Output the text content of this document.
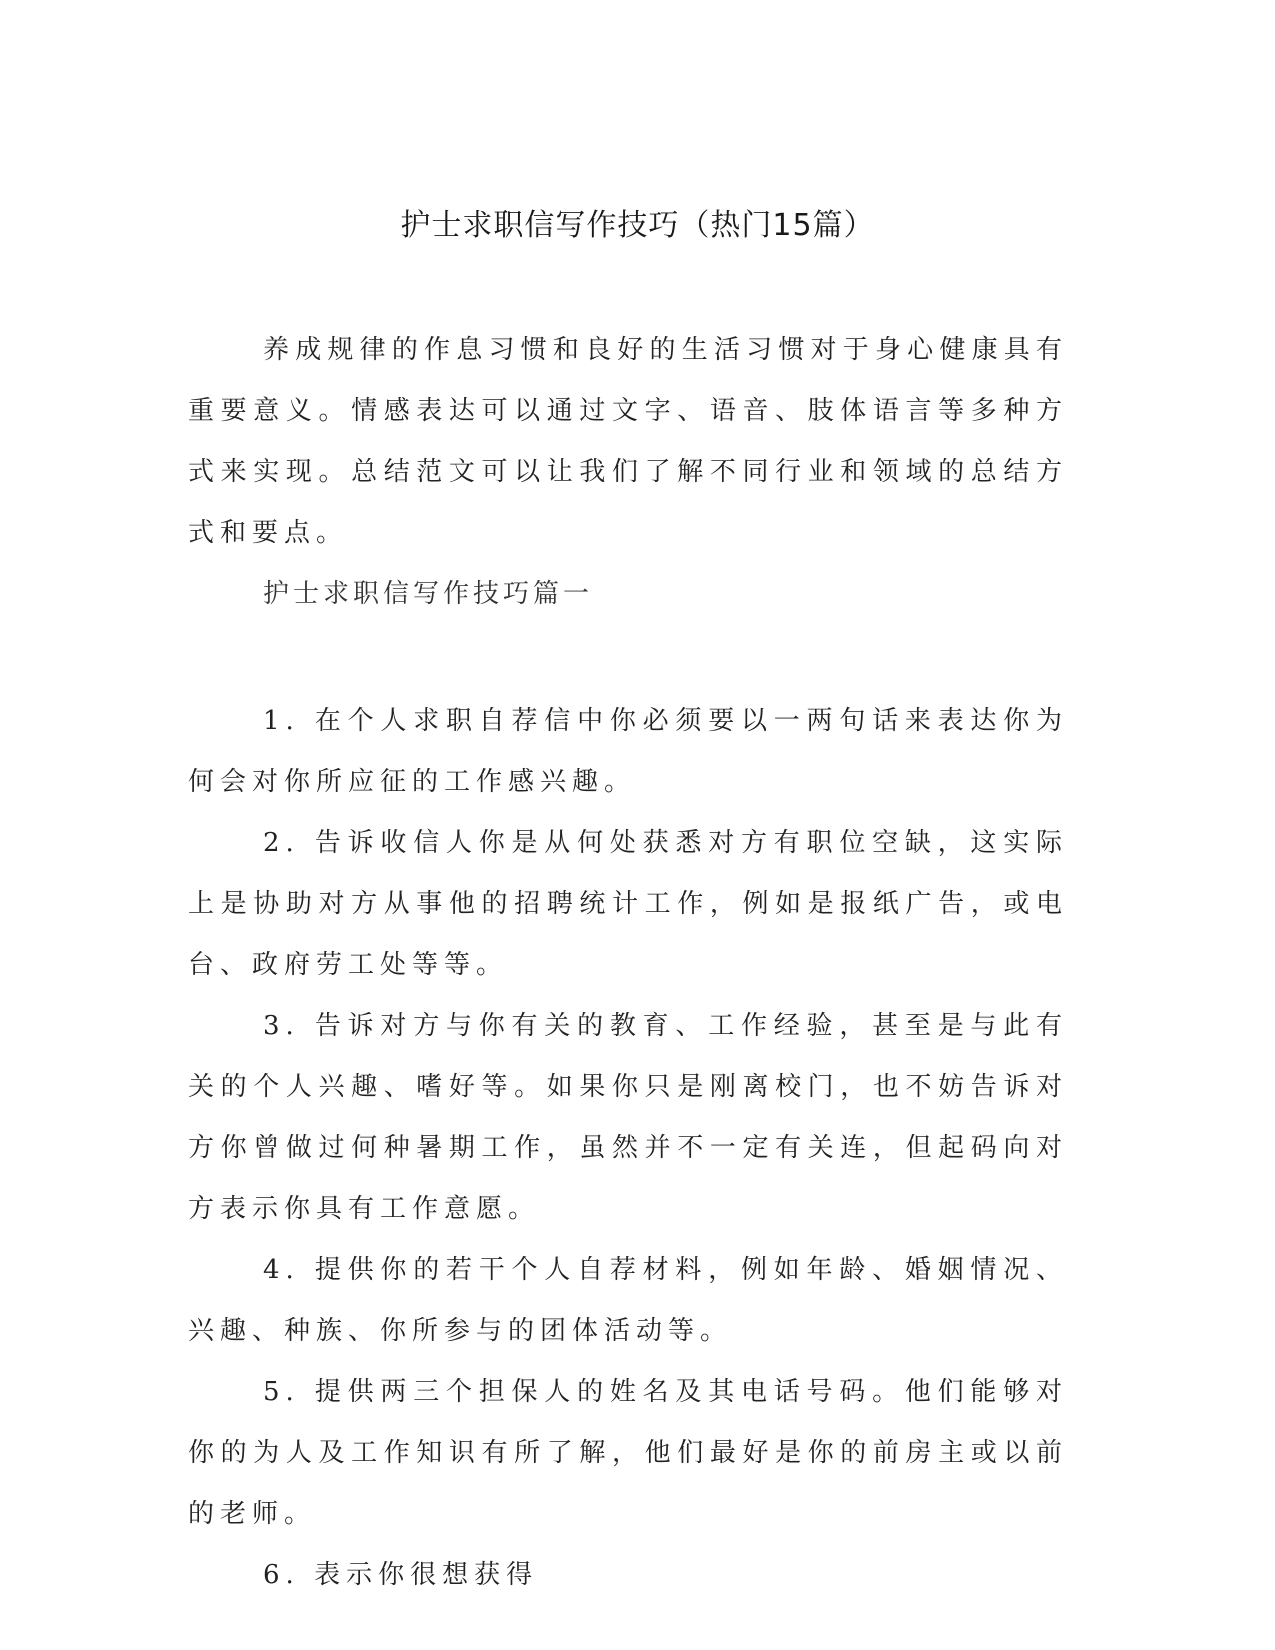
护士求职信写作技巧（热门15篇）

养成规律的作息习惯和良好的生活习惯对于身心健康具有重要意义。情感表达可以通过文字、语音、肢体语言等多种方式来实现。总结范文可以让我们了解不同行业和领域的总结方式和要点。

护士求职信写作技巧篇一

1. 在个人求职自荐信中你必须要以一两句话来表达你为何会对你所应征的工作感兴趣。

2. 告诉收信人你是从何处获悉对方有职位空缺，这实际上是协助对方从事他的招聘统计工作，例如是报纸广告，或电台、政府劳工处等等。

3. 告诉对方与你有关的教育、工作经验，甚至是与此有关的个人兴趣、嗜好等。如果你只是刚离校门，也不妨告诉对方你曾做过何种暑期工作，虽然并不一定有关连，但起码向对方表示你具有工作意愿。

4. 提供你的若干个人自荐材料，例如年龄、婚姻情况、兴趣、种族、你所参与的团体活动等。

5. 提供两三个担保人的姓名及其电话号码。他们能够对你的为人及工作知识有所了解，他们最好是你的前房主或以前的老师。

6. 表示你很想获得
